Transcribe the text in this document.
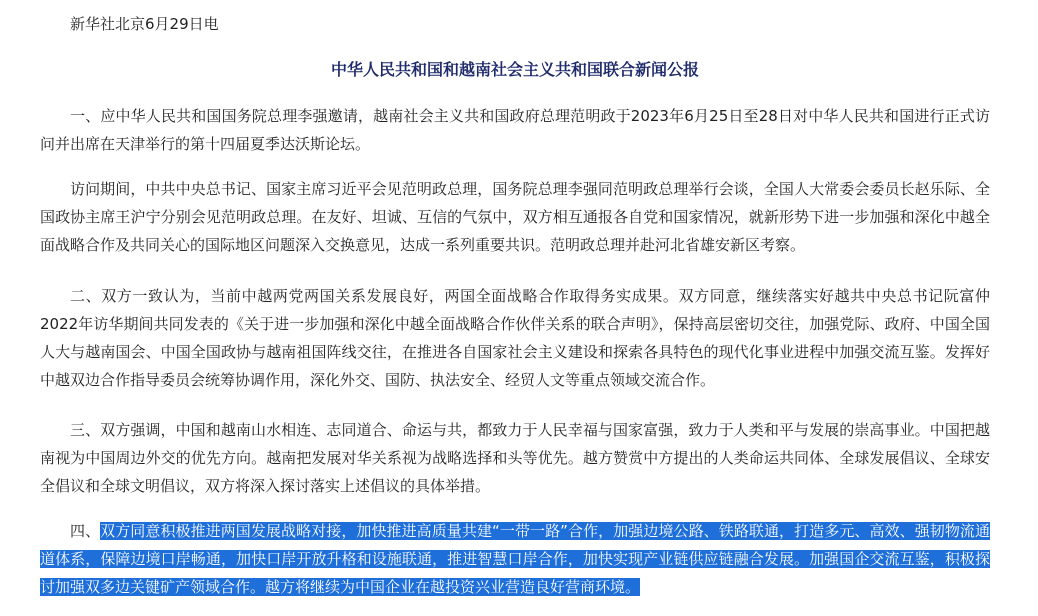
新华社北京6月29日电
中华人民共和国和越南社会主义共和国联合新闻公报

一、应中华人民共和国国务院总理李强邀请，越南社会主义共和国政府总理范明政于2023年6月25日至28日对中华人民共和国进行正式访问并出席在天津举行的第十四届夏季达沃斯论坛。

访问期间，中共中央总书记、国家主席习近平会见范明政总理，国务院总理李强同范明政总理举行会谈，全国人大常委会委员长赵乐际、全国政协主席王沪宁分别会见范明政总理。在友好、坦诚、互信的气氛中，双方相互通报各自党和国家情况，就新形势下进一步加强和深化中越全面战略合作及共同关心的国际地区问题深入交换意见，达成一系列重要共识。范明政总理并赴河北省雄安新区考察。

二、双方一致认为，当前中越两党两国关系发展良好，两国全面战略合作取得务实成果。双方同意，继续落实好越共中央总书记阮富仲2022年访华期间共同发表的《关于进一步加强和深化中越全面战略合作伙伴关系的联合声明》，保持高层密切交往，加强党际、政府、中国全国人大与越南国会、中国全国政协与越南祖国阵线交往，在推进各自国家社会主义建设和探索各具特色的现代化事业进程中加强交流互鉴。发挥好中越双边合作指导委员会统筹协调作用，深化外交、国防、执法安全、经贸人文等重点领域交流合作。

三、双方强调，中国和越南山水相连、志同道合、命运与共，都致力于人民幸福与国家富强，致力于人类和平与发展的崇高事业。中国把越南视为中国周边外交的优先方向。越南把发展对华关系视为战略选择和头等优先。越方赞赏中方提出的人类命运共同体、全球发展倡议、全球安全倡议和全球文明倡议，双方将深入探讨落实上述倡议的具体举措。

四、双方同意积极推进两国发展战略对接，加快推进高质量共建“一带一路”合作，加强边境公路、铁路联通，打造多元、高效、强韧物流通道体系，保障边境口岸畅通，加快口岸开放升格和设施联通，推进智慧口岸合作，加快实现产业链供应链融合发展。加强国企交流互鉴，积极探讨加强双多边关键矿产领域合作。越方将继续为中国企业在越投资兴业营造良好营商环境。
